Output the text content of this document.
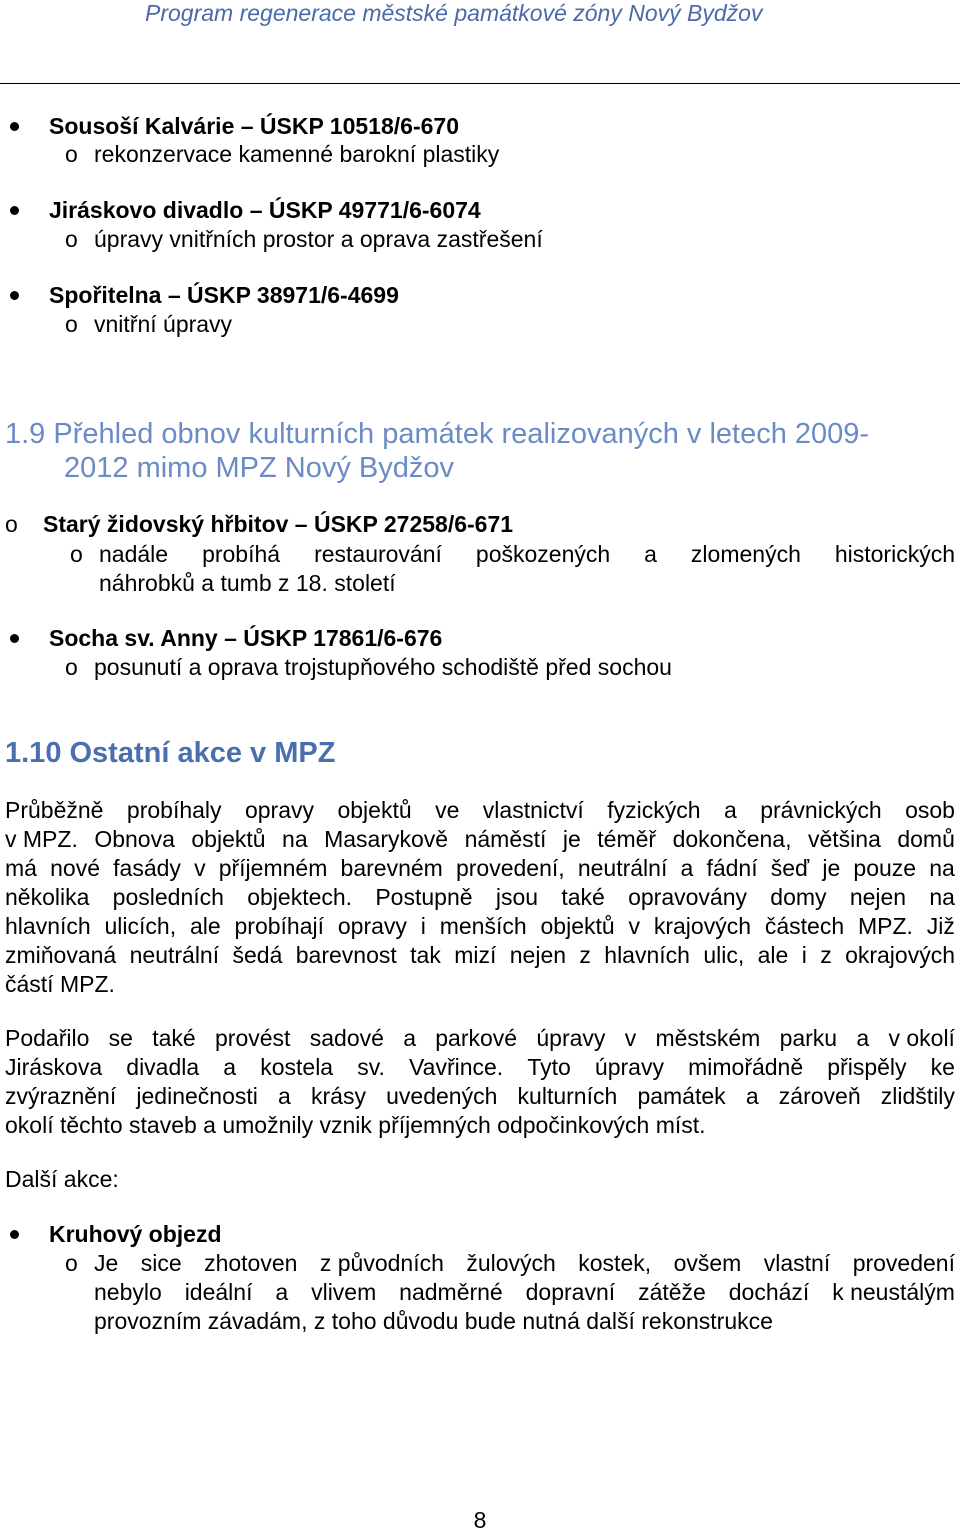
Program regenerace městské památkové zóny Nový Bydžov
Sousoší Kalvárie – ÚSKP 10518/6-670
o rekonzervace kamenné barokní plastiky
Jiráskovo divadlo – ÚSKP 49771/6-6074
o úpravy vnitřních prostor a oprava zastřešení
Spořitelna – ÚSKP 38971/6-4699
o vnitřní úpravy
1.9 Přehled obnov kulturních památek realizovaných v letech 2009-
2012 mimo MPZ Nový Bydžov
o Starý židovský hřbitov – ÚSKP 27258/6-671
o nadále probíhá restaurování poškozených a zlomených historických
náhrobků a tumb z 18. století
Socha sv. Anny – ÚSKP 17861/6-676
o posunutí a oprava trojstupňového schodiště před sochou
1.10 Ostatní akce v MPZ
Průběžně probíhaly opravy objektů ve vlastnictví fyzických a právnických osob
v MPZ. Obnova objektů na Masarykově náměstí je téměř dokončena, většina domů
má nové fasády v příjemném barevném provedení, neutrální a fádní šeď je pouze na
několika posledních objektech. Postupně jsou také opravovány domy nejen na
hlavních ulicích, ale probíhají opravy i menších objektů v krajových částech MPZ. Již
zmiňovaná neutrální šedá barevnost tak mizí nejen z hlavních ulic, ale i z okrajových
částí MPZ.
Podařilo se také provést sadové a parkové úpravy v městském parku a v okolí
Jiráskova divadla a kostela sv. Vavřince. Tyto úpravy mimořádně přispěly ke
zvýraznění jedinečnosti a krásy uvedených kulturních památek a zároveň zlidštily
okolí těchto staveb a umožnily vznik příjemných odpočinkových míst.
Další akce:
Kruhový objezd
o Je sice zhotoven z původních žulových kostek, ovšem vlastní provedení
nebylo ideální a vlivem nadměrné dopravní zátěže dochází k neustálým
provozním závadám, z toho důvodu bude nutná další rekonstrukce
8
